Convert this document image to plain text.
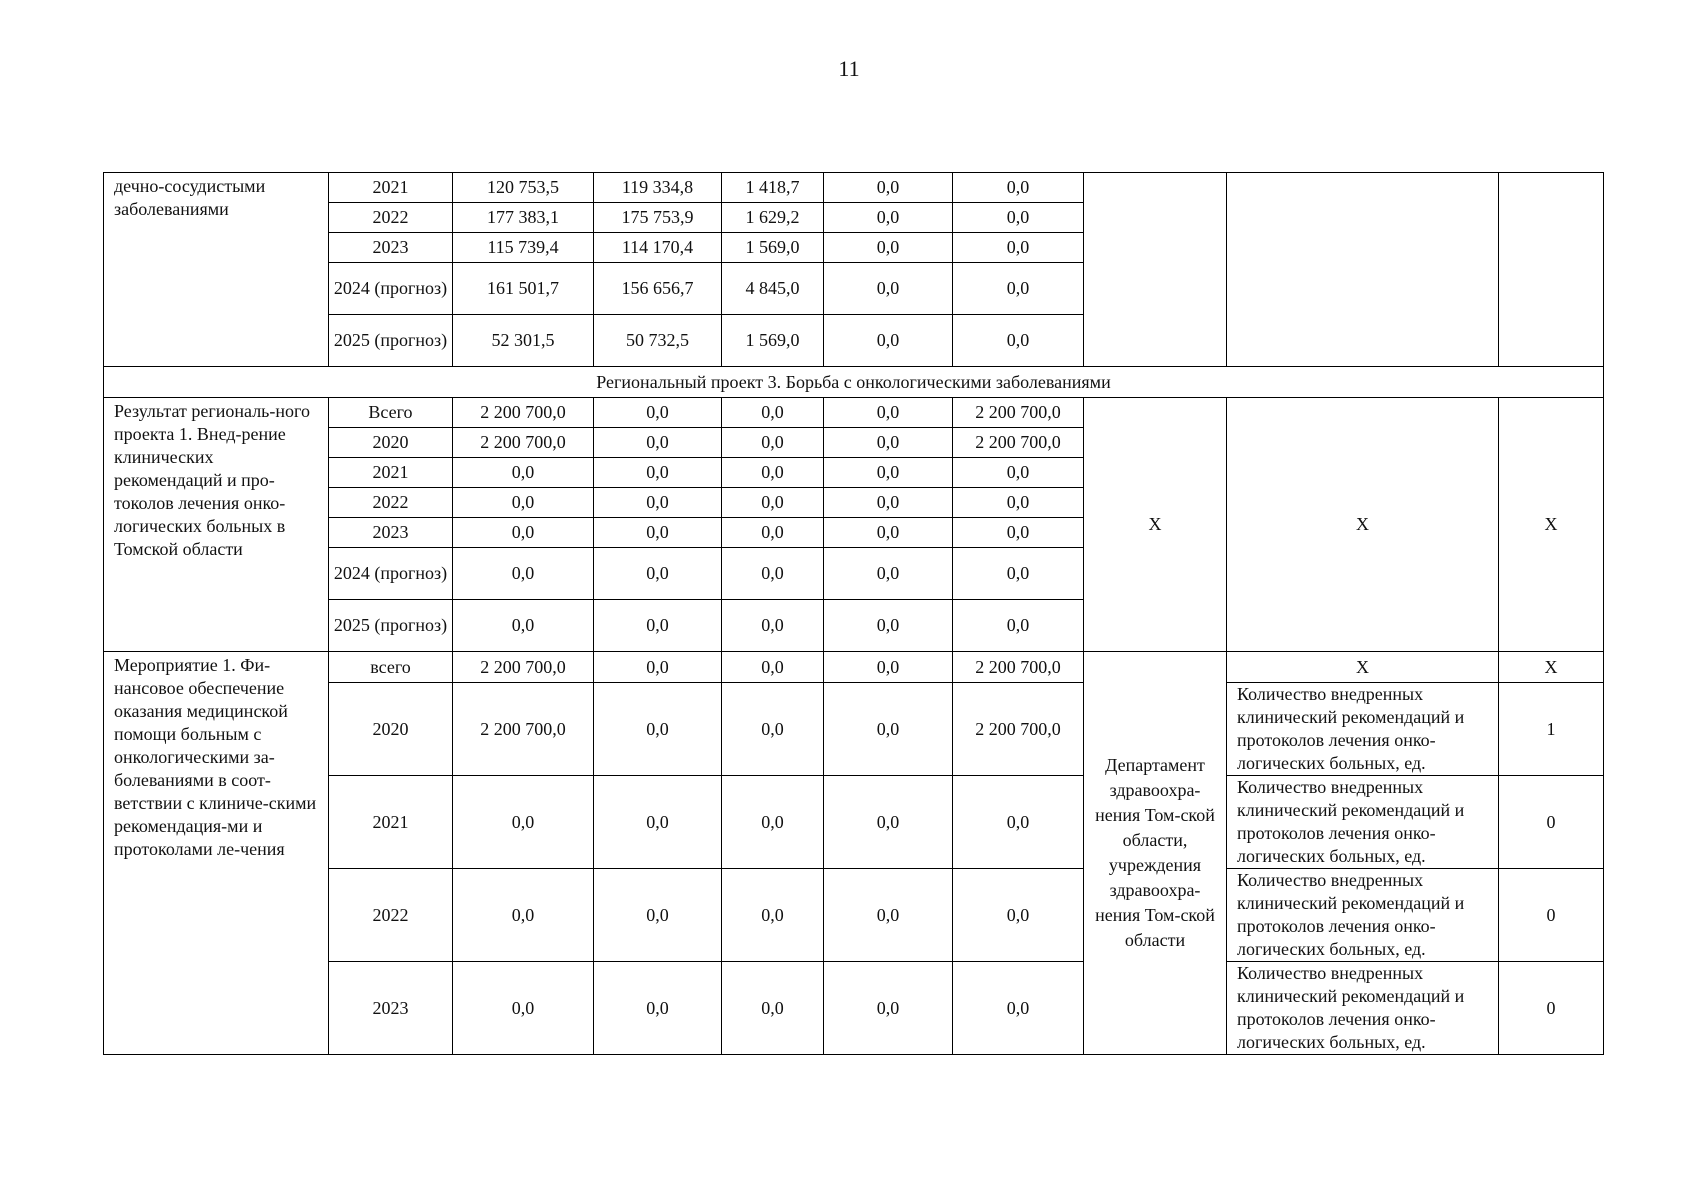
11
дечно-сосудистыми заболеваниями	2021	120 753,5	119 334,8	1 418,7	0,0	0,0			
	2022	177 383,1	175 753,9	1 629,2	0,0	0,0			
	2023	115 739,4	114 170,4	1 569,0	0,0	0,0			
	2024 (прогноз)	161 501,7	156 656,7	4 845,0	0,0	0,0			
	2025 (прогноз)	52 301,5	50 732,5	1 569,0	0,0	0,0			
Региональный проект 3. Борьба с онкологическими заболеваниями									
Результат региональ-ного проекта 1. Внед-рение клинических рекомендаций и про-токолов лечения онко-логических больных в Томской области	Всего	2 200 700,0	0,0	0,0	0,0	2 200 700,0	Х	Х	Х
	2020	2 200 700,0	0,0	0,0	0,0	2 200 700,0			
	2021	0,0	0,0	0,0	0,0	0,0			
	2022	0,0	0,0	0,0	0,0	0,0			
	2023	0,0	0,0	0,0	0,0	0,0			
	2024 (прогноз)	0,0	0,0	0,0	0,0	0,0			
	2025 (прогноз)	0,0	0,0	0,0	0,0	0,0			
Мероприятие 1. Фи-нансовое обеспечение оказания медицинской помощи больным с онкологическими за-болеваниями в соот-ветствии с клиниче-скими рекомендация-ми и протоколами ле-чения	всего	2 200 700,0	0,0	0,0	0,0	2 200 700,0	Департамент здравоохра-нения Том-ской области, учреждения здравоохра-нения Том-ской области	Х	Х
	2020	2 200 700,0	0,0	0,0	0,0	2 200 700,0		Количество внедренных клинический рекомендаций и протоколов лечения онко-логических больных, ед.	1
	2021	0,0	0,0	0,0	0,0	0,0		Количество внедренных клинический рекомендаций и протоколов лечения онко-логических больных, ед.	0
	2022	0,0	0,0	0,0	0,0	0,0		Количество внедренных клинический рекомендаций и протоколов лечения онко-логических больных, ед.	0
	2023	0,0	0,0	0,0	0,0	0,0		Количество внедренных клинический рекомендаций и протоколов лечения онко-логических больных, ед.	0
